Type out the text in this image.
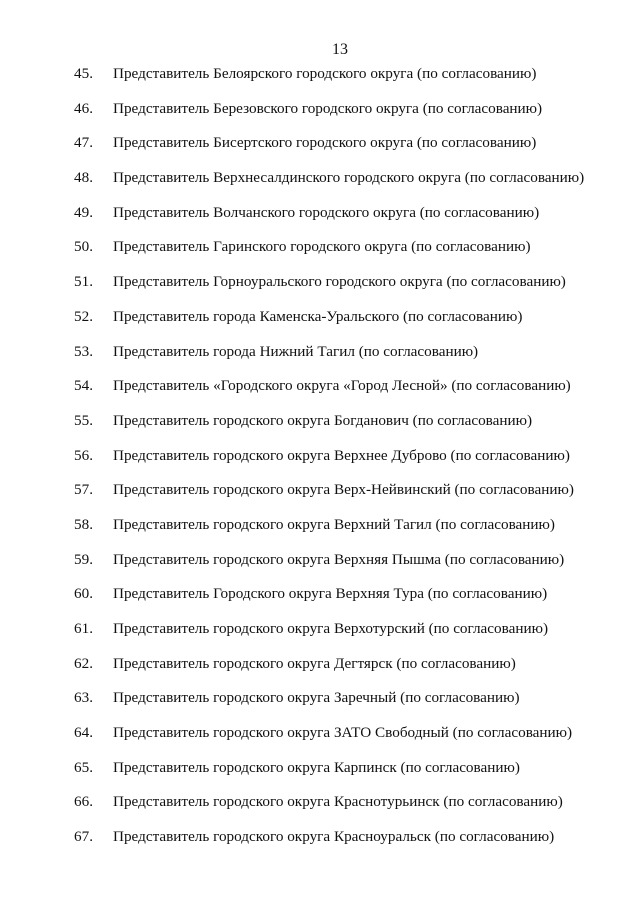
13
45. Представитель Белоярского городского округа (по согласованию)
46. Представитель Березовского городского округа (по согласованию)
47. Представитель Бисертского городского округа (по согласованию)
48. Представитель Верхнесалдинского городского округа (по согласованию)
49. Представитель Волчанского городского округа (по согласованию)
50. Представитель Гаринского городского округа (по согласованию)
51. Представитель Горноуральского городского округа (по согласованию)
52. Представитель города Каменска-Уральского (по согласованию)
53. Представитель города Нижний Тагил (по согласованию)
54. Представитель «Городского округа «Город Лесной» (по согласованию)
55. Представитель городского округа Богданович (по согласованию)
56. Представитель городского округа Верхнее Дуброво (по согласованию)
57. Представитель городского округа Верх-Нейвинский (по согласованию)
58. Представитель городского округа Верхний Тагил (по согласованию)
59. Представитель городского округа Верхняя Пышма (по согласованию)
60. Представитель Городского округа Верхняя Тура (по согласованию)
61. Представитель городского округа Верхотурский (по согласованию)
62. Представитель городского округа Дегтярск (по согласованию)
63. Представитель городского округа Заречный (по согласованию)
64. Представитель городского округа ЗАТО Свободный (по согласованию)
65. Представитель городского округа Карпинск (по согласованию)
66. Представитель городского округа Краснотурьинск (по согласованию)
67. Представитель городского округа Красноуральск (по согласованию)
